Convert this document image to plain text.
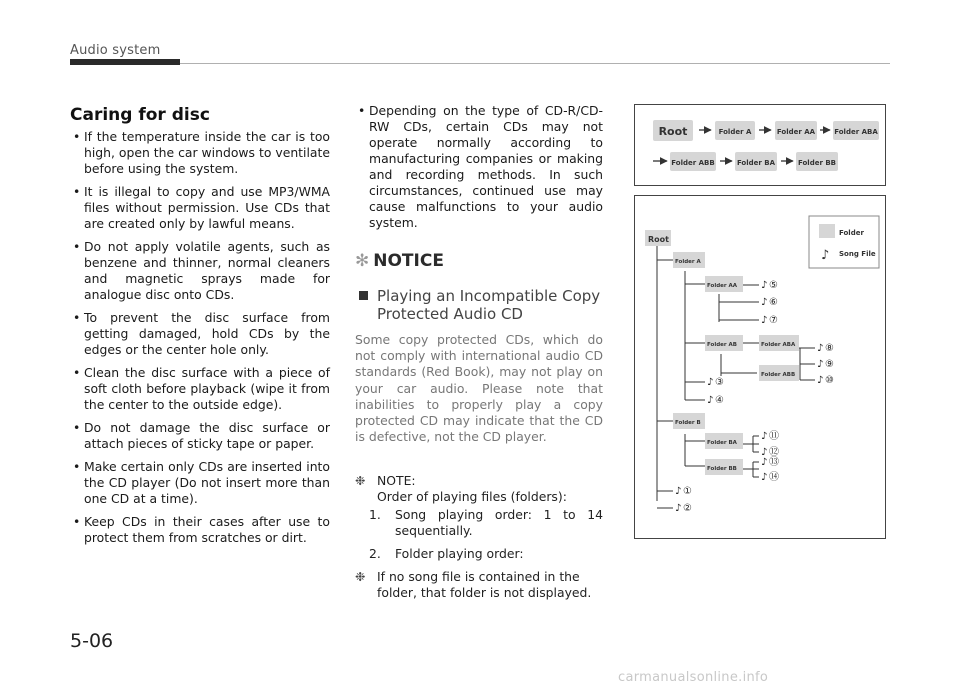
Audio system
Caring for disc
• If the temperature inside the car is too high, open the car windows to ventilate before using the system.
• It is illegal to copy and use MP3/WMA files without permission. Use CDs that are created only by lawful means.
• Do not apply volatile agents, such as benzene and thinner, normal cleaners and magnetic sprays made for analogue disc onto CDs.
• To prevent the disc surface from getting damaged, hold CDs by the edges or the center hole only.
• Clean the disc surface with a piece of soft cloth before playback (wipe it from the center to the outside edge).
• Do not damage the disc surface or attach pieces of sticky tape or paper.
• Make certain only CDs are inserted into the CD player (Do not insert more than one CD at a time).
• Keep CDs in their cases after use to protect them from scratches or dirt.
• Depending on the type of CD-R/CD-RW CDs, certain CDs may not operate normally according to manufacturing companies or making and recording methods. In such circumstances, continued use may cause malfunctions to your audio system.
✻ NOTICE
Playing an Incompatible Copy Protected Audio CD
Some copy protected CDs, which do not comply with international audio CD standards (Red Book), may not play on your car audio. Please note that inabilities to properly play a copy protected CD may indicate that the CD is defective, not the CD player.
❉ NOTE:
Order of playing files (folders):
1. Song playing order: 1 to 14 sequentially.
2. Folder playing order:
❉ If no song file is contained in the folder, that folder is not displayed.
Root	Folder A	Folder AA	Folder ABA
Folder ABB	Folder BA	Folder BB
Folder
♪ Song File
Root
Folder A
Folder AA
Folder AB	Folder ABA
Folder ABB
Folder B
Folder BA
Folder BB
♪ ⑤
♪ ⑥
♪ ⑦
♪ ⑧
♪ ⑨
♪ ⑩
♪ ③
♪ ④
♪ ⑪
♪ ⑫
♪ ⑬
♪ ⑭
♪ ①
♪ ②
5-06
carmanualsonline.info
